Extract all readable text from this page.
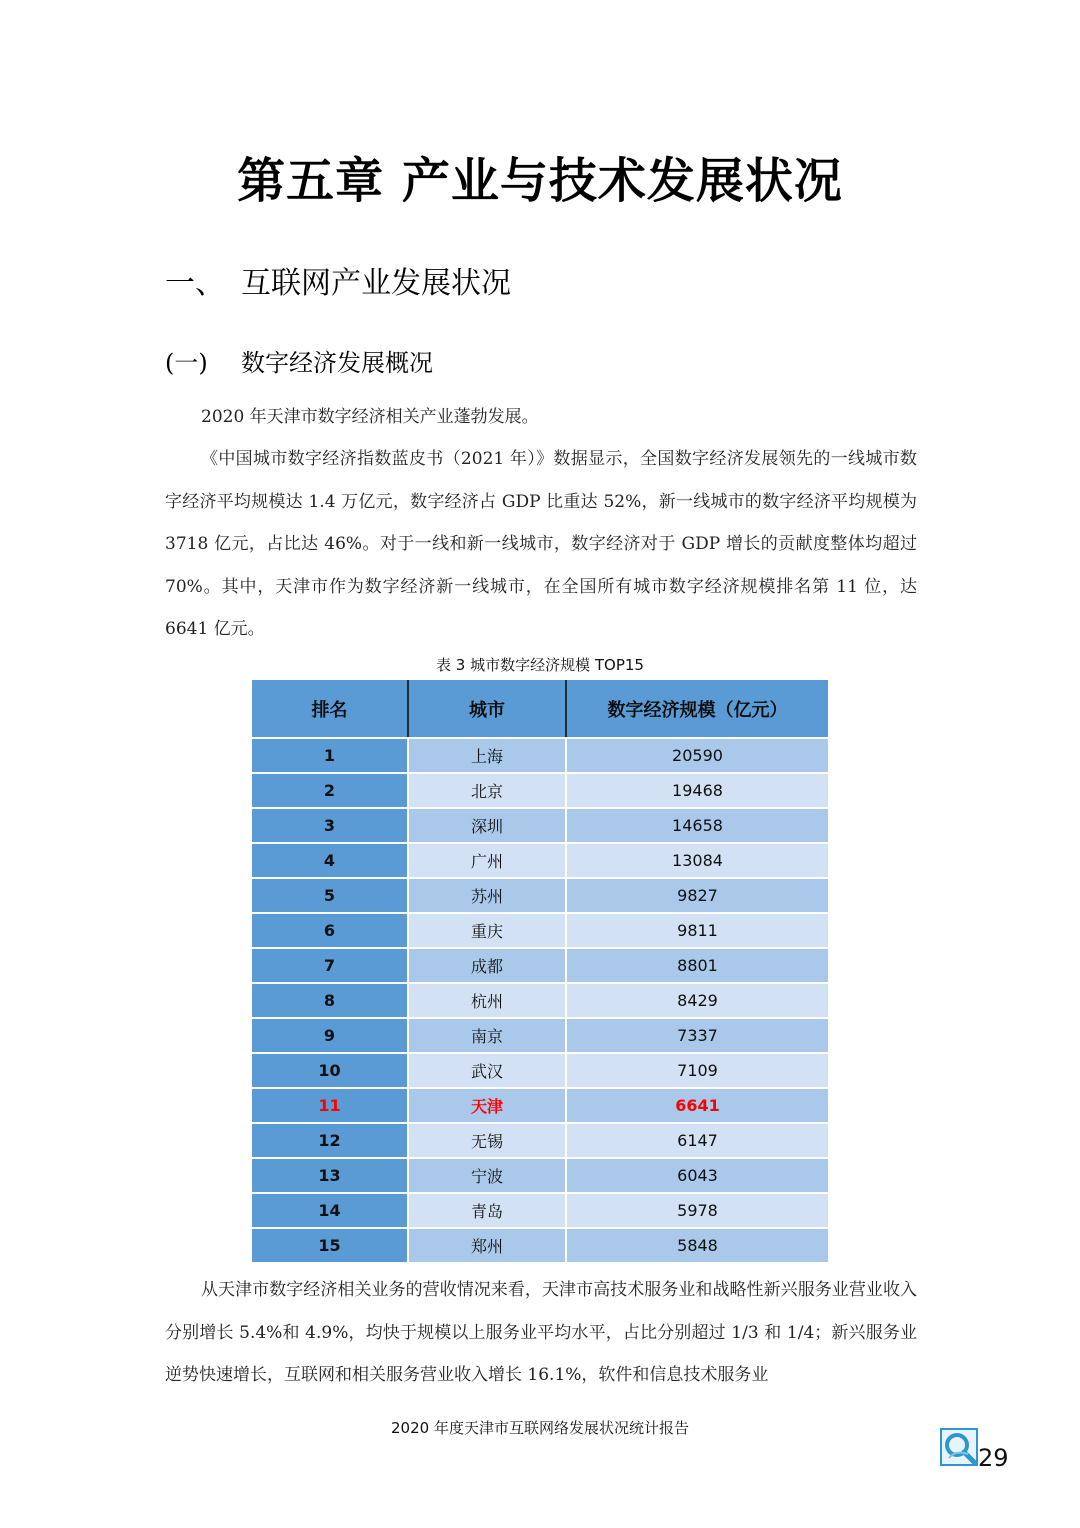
第五章 产业与技术发展状况
一、 互联网产业发展状况
(一) 数字经济发展概况

2020 年天津市数字经济相关产业蓬勃发展。

《中国城市数字经济指数蓝皮书（2021 年）》数据显示，全国数字经济发展领先的一线城市数字经济平均规模达 1.4 万亿元，数字经济占 GDP 比重达 52%，新一线城市的数字经济平均规模为 3718 亿元，占比达 46%。对于一线和新一线城市，数字经济对于 GDP 增长的贡献度整体均超过 70%。其中，天津市作为数字经济新一线城市，在全国所有城市数字经济规模排名第 11 位，达 6641 亿元。

表 3 城市数字经济规模 TOP15
排名	城市	数字经济规模（亿元）
1	上海	20590
2	北京	19468
3	深圳	14658
4	广州	13084
5	苏州	9827
6	重庆	9811
7	成都	8801
8	杭州	8429
9	南京	7337
10	武汉	7109
11	天津	6641
12	无锡	6147
13	宁波	6043
14	青岛	5978
15	郑州	5848

从天津市数字经济相关业务的营收情况来看，天津市高技术服务业和战略性新兴服务业营业收入分别增长 5.4%和 4.9%，均快于规模以上服务业平均水平，占比分别超过 1/3 和 1/4；新兴服务业逆势快速增长，互联网和相关服务营业收入增长 16.1%，软件和信息技术服务业

2020 年度天津市互联网络发展状况统计报告
29
